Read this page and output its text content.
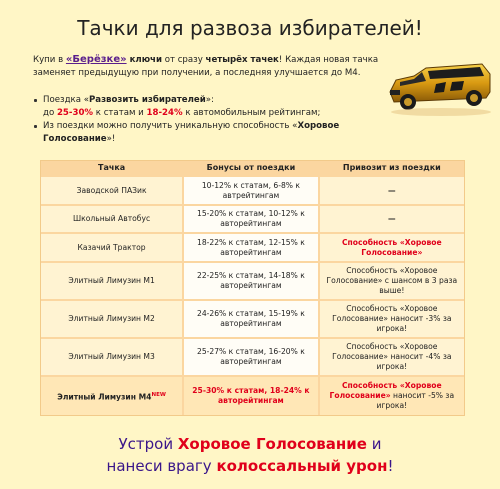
Тачки для развоза избирателей!
Купи в «Берёзке» ключи от сразу четырёх тачек! Каждая новая тачка заменяет предыдущую при получении, а последняя улучшается до М4.
Поездка «Развозить избирателей»:
до 25-30% к статам и 18-24% к автомобильным рейтингам;
Из поездки можно получить уникальную способность «Хоровое Голосование»!
Тачка	Бонусы от поездки	Привозит из поездки
Заводской ПАЗик	10-12% к статам, 6-8% к автрейтингам	—
Школьный Автобус	15-20% к статам, 10-12% к авторейтингам	—
Казачий Трактор	18-22% к статам, 12-15% к авторейтингам	Способность «Хоровое Голосование»
Элитный Лимузин М1	22-25% к статам, 14-18% к авторейтингам	Способность «Хоровое Голосование» с шансом в 3 раза выше!
Элитный Лимузин М2	24-26% к статам, 15-19% к авторейтингам	Способность «Хоровое Голосование» наносит -3% за игрока!
Элитный Лимузин М3	25-27% к статам, 16-20% к авторейтингам	Способность «Хоровое Голосование» наносит -4% за игрока!
Элитный Лимузин $М4^{NEW}$	25-30% к статам, 18-24% к авторейтингам	Способность «Хоровое Голосование» наносит -5% за игрока!
Устрой Хоровое Голосование и
нанеси врагу колоссальный урон!
